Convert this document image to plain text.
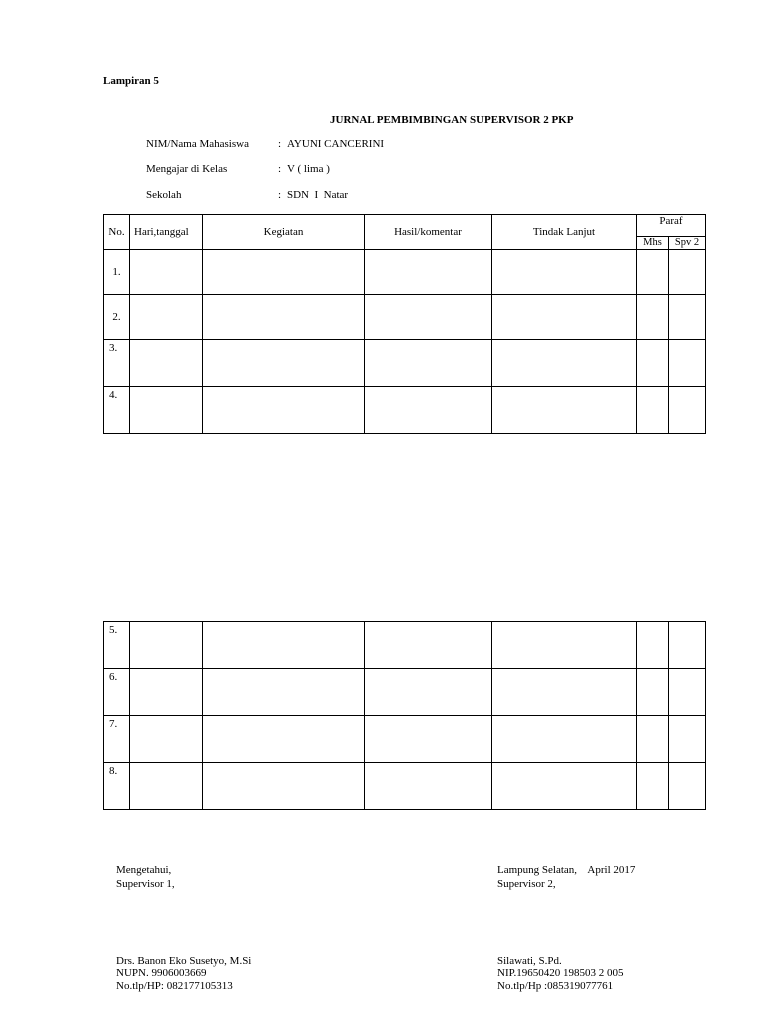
Lampiran 5
JURNAL PEMBIMBINGAN SUPERVISOR 2 PKP
NIM/Nama Mahasiswa	: AYUNI CANCERINI
Mengajar di Kelas	: V ( lima )
Sekolah	: SDN  I  Natar
No.	Hari,tanggal	Kegiatan	Hasil/komentar	Tindak Lanjut	Paraf	
					Mhs	Spv 2
1.						
2.						
3.						
4.						
5.						
6.						
7.						
8.						
Mengetahui,
Supervisor 1,
Drs. Banon Eko Susetyo, M.Si
NUPN. 9906003669
No.tlp/HP: 082177105313
Lampung Selatan,    April 2017
Supervisor 2,
Silawati, S.Pd.
NIP.19650420 198503 2 005
No.tlp/Hp :085319077761
